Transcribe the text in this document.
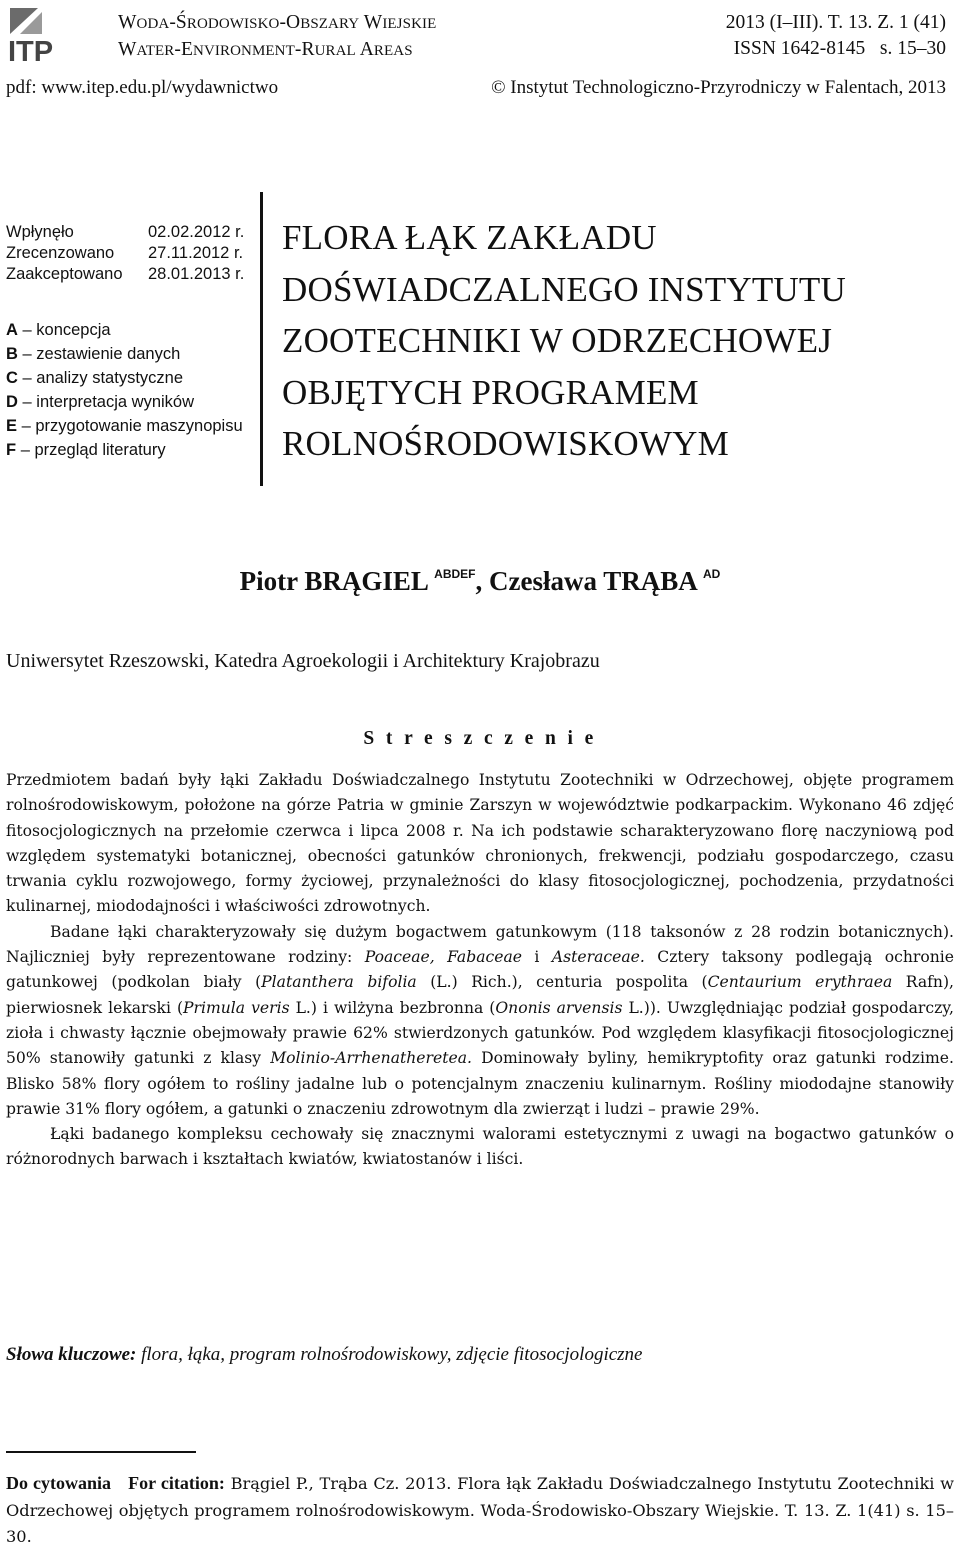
ITP
WODA-ŚRODOWISKO-OBSZARY WIEJSKIE
WATER-ENVIRONMENT-RURAL AREAS
2013 (I–III). T. 13. Z. 1 (41)
ISSN 1642-8145 s. 15–30
pdf: www.itep.edu.pl/wydawnictwo	© Instytut Technologiczno-Przyrodniczy w Falentach, 2013
Wpłynęło	02.02.2012 r.
Zrecenzowano	27.11.2012 r.
Zaakceptowano	28.01.2013 r.
A – koncepcja
B – zestawienie danych
C – analizy statystyczne
D – interpretacja wyników
E – przygotowanie maszynopisu
F – przegląd literatury
FLORA ŁĄK ZAKŁADU
DOŚWIADCZALNEGO INSTYTUTU
ZOOTECHNIKI W ODRZECHOWEJ
OBJĘTYCH PROGRAMEM
ROLNOŚRODOWISKOWYM
Piotr BRĄGIEL $^{ABDEF}$, Czesława TRĄBA $^{AD}$
Uniwersytet Rzeszowski, Katedra Agroekologii i Architektury Krajobrazu
S t r e s z c z e n i e

Przedmiotem badań były łąki Zakładu Doświadczalnego Instytutu Zootechniki w Odrzechowej, objęte programem rolnośrodowiskowym, położone na górze Patria w gminie Zarszyn w województwie podkarpackim. Wykonano 46 zdjęć fitosocjologicznych na przełomie czerwca i lipca 2008 r. Na ich podstawie scharakteryzowano florę naczyniową pod względem systematyki botanicznej, obecności gatunków chronionych, frekwencji, podziału gospodarczego, czasu trwania cyklu rozwojowego, formy życiowej, przynależności do klasy fitosocjologicznej, pochodzenia, przydatności kulinarnej, miododajności i właściwości zdrowotnych.

Badane łąki charakteryzowały się dużym bogactwem gatunkowym (118 taksonów z 28 rodzin botanicznych). Najliczniej były reprezentowane rodziny: Poaceae, Fabaceae i Asteraceae. Cztery taksony podlegają ochronie gatunkowej (podkolan biały (Platanthera bifolia (L.) Rich.), centuria pospolita (Centaurium erythraea Rafn), pierwiosnek lekarski (Primula veris L.) i wilżyna bezbronna (Ononis arvensis L.)). Uwzględniając podział gospodarczy, zioła i chwasty łącznie obejmowały prawie 62% stwierdzonych gatunków. Pod względem klasyfikacji fitosocjologicznej 50% stanowiły gatunki z klasy Molinio-Arrhenatheretea. Dominowały byliny, hemikryptofity oraz gatunki rodzime. Blisko 58% flory ogółem to rośliny jadalne lub o potencjalnym znaczeniu kulinarnym. Rośliny miododajne stanowiły prawie 31% flory ogółem, a gatunki o znaczeniu zdrowotnym dla zwierząt i ludzi – prawie 29%.

Łąki badanego kompleksu cechowały się znacznymi walorami estetycznymi z uwagi na bogactwo gatunków o różnorodnych barwach i kształtach kwiatów, kwiatostanów i liści.

Słowa kluczowe: flora, łąka, program rolnośrodowiskowy, zdjęcie fitosocjologiczne
Do cytowania For citation: Brągiel P., Trąba Cz. 2013. Flora łąk Zakładu Doświadczalnego Instytutu Zootechniki w Odrzechowej objętych programem rolnośrodowiskowym. Woda-Środowisko-Obszary Wiejskie. T. 13. Z. 1(41) s. 15–30.
